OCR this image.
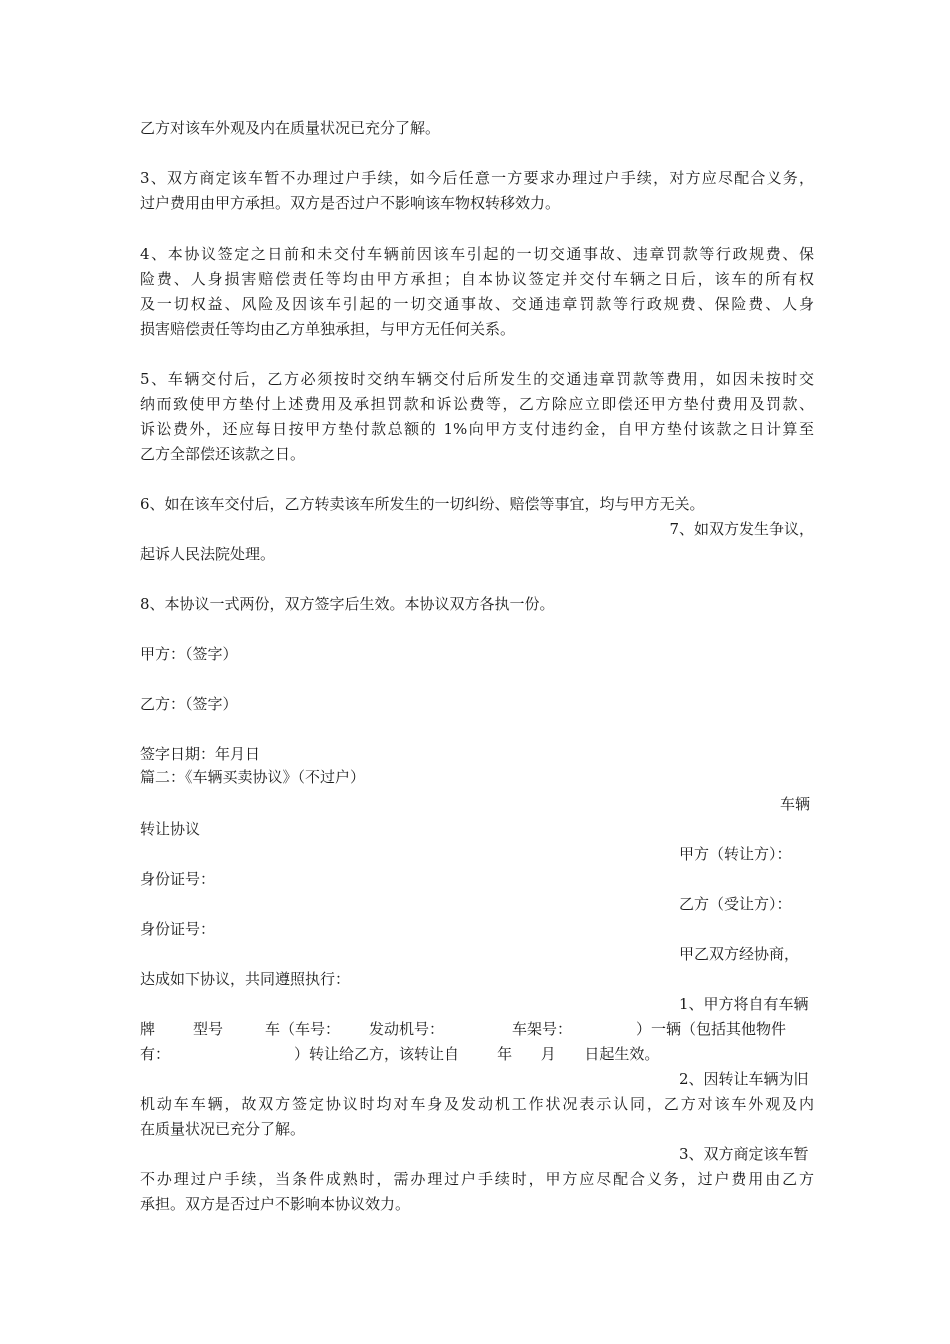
乙方对该车外观及内在质量状况已充分了解。
3、双方商定该车暂不办理过户手续，如今后任意一方要求办理过户手续，对方应尽配合义务，
过户费用由甲方承担。双方是否过户不影响该车物权转移效力。
4、本协议签定之日前和未交付车辆前因该车引起的一切交通事故、违章罚款等行政规费、保
险费、人身损害赔偿责任等均由甲方承担；自本协议签定并交付车辆之日后，该车的所有权
及一切权益、风险及因该车引起的一切交通事故、交通违章罚款等行政规费、保险费、人身
损害赔偿责任等均由乙方单独承担，与甲方无任何关系。
5、车辆交付后，乙方必须按时交纳车辆交付后所发生的交通违章罚款等费用，如因未按时交
纳而致使甲方垫付上述费用及承担罚款和诉讼费等，乙方除应立即偿还甲方垫付费用及罚款、
诉讼费外，还应每日按甲方垫付款总额的 1%向甲方支付违约金，自甲方垫付该款之日计算至
乙方全部偿还该款之日。
6、如在该车交付后，乙方转卖该车所发生的一切纠纷、赔偿等事宜，均与甲方无关。
7、如双方发生争议，
起诉人民法院处理。
8、本协议一式两份，双方签字后生效。本协议双方各执一份。
甲方：（签字）
乙方：（签字）
签字日期：年月日
篇二：《车辆买卖协议》（不过户）
车辆
转让协议
甲方（转让方）：
身份证号：
乙方（受让方）：
身份证号：
甲乙双方经协商，
达成如下协议，共同遵照执行：
1、甲方将自有车辆
牌	型号	车（车号： 发动机号：	车架号：	）一辆（包括其他物件
有：                          ）转让给乙方，该转让自        年      月      日起生效。
2、因转让车辆为旧
机动车车辆，故双方签定协议时均对车身及发动机工作状况表示认同，乙方对该车外观及内
在质量状况已充分了解。
3、双方商定该车暂
不办理过户手续，当条件成熟时，需办理过户手续时，甲方应尽配合义务，过户费用由乙方
承担。双方是否过户不影响本协议效力。
